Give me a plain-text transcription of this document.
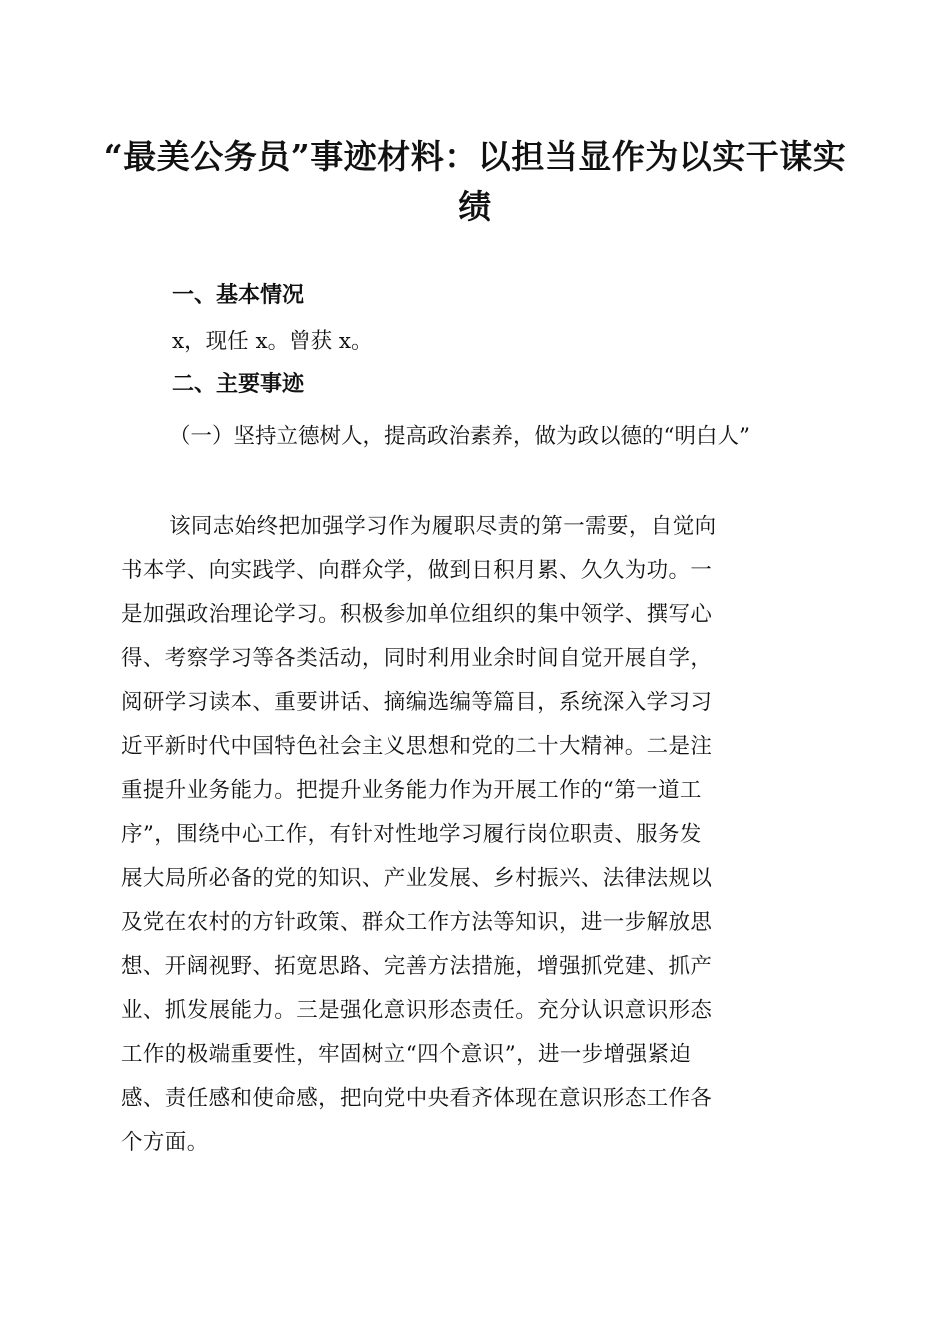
“最美公务员”事迹材料：以担当显作为以实干谋实绩
一、基本情况

x，现任 x。曾获 x。

二、主要事迹
（一）坚持立德树人，提高政治素养，做为政以德的“明白人”
该同志始终把加强学习作为履职尽责的第一需要，自觉向
书本学、向实践学、向群众学，做到日积月累、久久为功。一
是加强政治理论学习。积极参加单位组织的集中领学、撰写心
得、考察学习等各类活动，同时利用业余时间自觉开展自学，
阅研学习读本、重要讲话、摘编选编等篇目，系统深入学习习
近平新时代中国特色社会主义思想和党的二十大精神。二是注
重提升业务能力。把提升业务能力作为开展工作的“第一道工
序”，围绕中心工作，有针对性地学习履行岗位职责、服务发
展大局所必备的党的知识、产业发展、乡村振兴、法律法规以
及党在农村的方针政策、群众工作方法等知识，进一步解放思
想、开阔视野、拓宽思路、完善方法措施，增强抓党建、抓产
业、抓发展能力。三是强化意识形态责任。充分认识意识形态
工作的极端重要性，牢固树立“四个意识”，进一步增强紧迫
感、责任感和使命感，把向党中央看齐体现在意识形态工作各
个方面。
